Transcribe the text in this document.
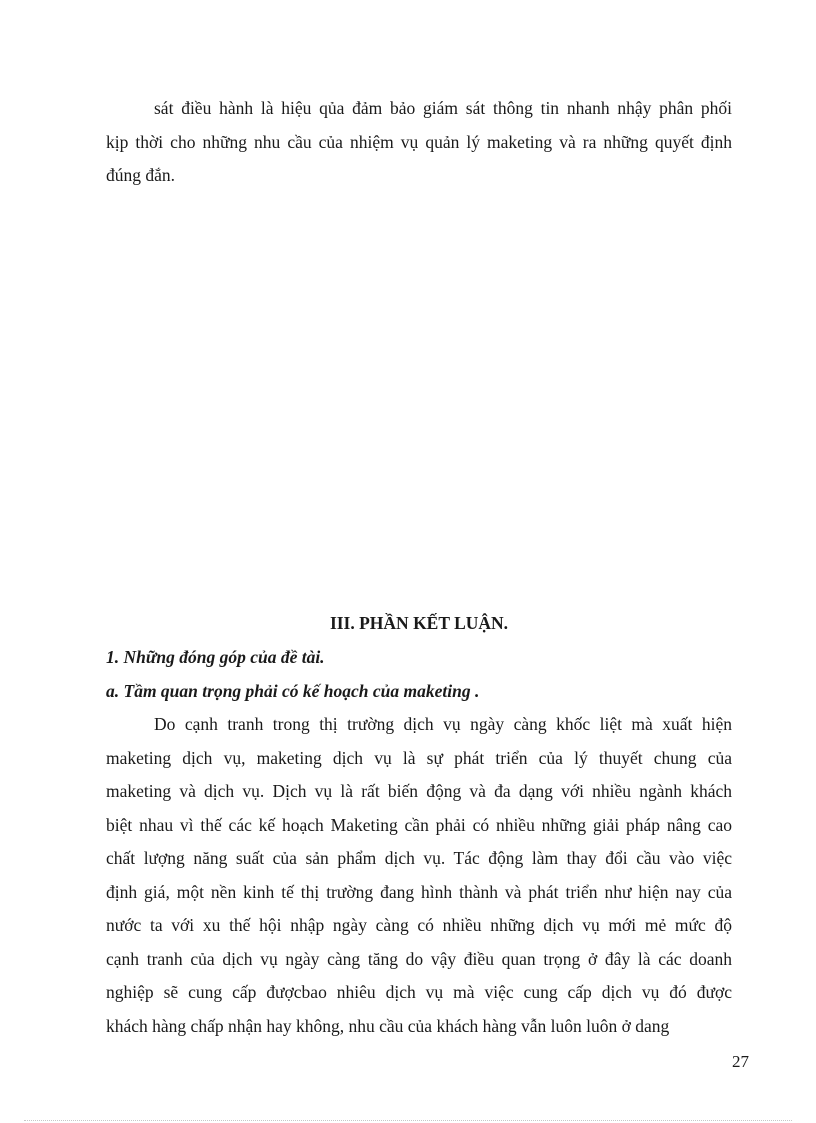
sát điều hành là hiệu qủa đảm bảo giám sát thông tin nhanh nhậy phân phối
kịp thời cho những nhu cầu của nhiệm vụ quản lý maketing và ra những quyết định
đúng đắn.
III. PHẦN KẾT LUẬN.
1. Những đóng góp của đề tài.
a. Tầm quan trọng phải có kế hoạch của maketing .
Do cạnh tranh trong thị trường dịch vụ ngày càng khốc liệt mà xuất hiện
maketing dịch vụ, maketing dịch vụ là sự phát triển của lý thuyết chung của
maketing và dịch vụ. Dịch vụ là rất biến động và đa dạng với nhiều ngành khách
biệt nhau vì thế các kế hoạch Maketing cần phải có nhiều những giải pháp nâng cao
chất lượng năng suất của sản phẩm dịch vụ. Tác động làm thay đổi cầu vào việc
định giá, một nền kinh tế thị trường đang hình thành và phát triển như hiện nay của
nước ta với xu thế hội nhập ngày càng có nhiều những dịch vụ mới mẻ mức độ
cạnh tranh của dịch vụ ngày càng tăng do vậy điều quan trọng ở đây là các doanh
nghiệp sẽ cung cấp đượcbao nhiêu dịch vụ mà việc cung cấp dịch vụ đó được
khách hàng chấp nhận hay không, nhu cầu của khách hàng vẫn luôn luôn ở dang
27
